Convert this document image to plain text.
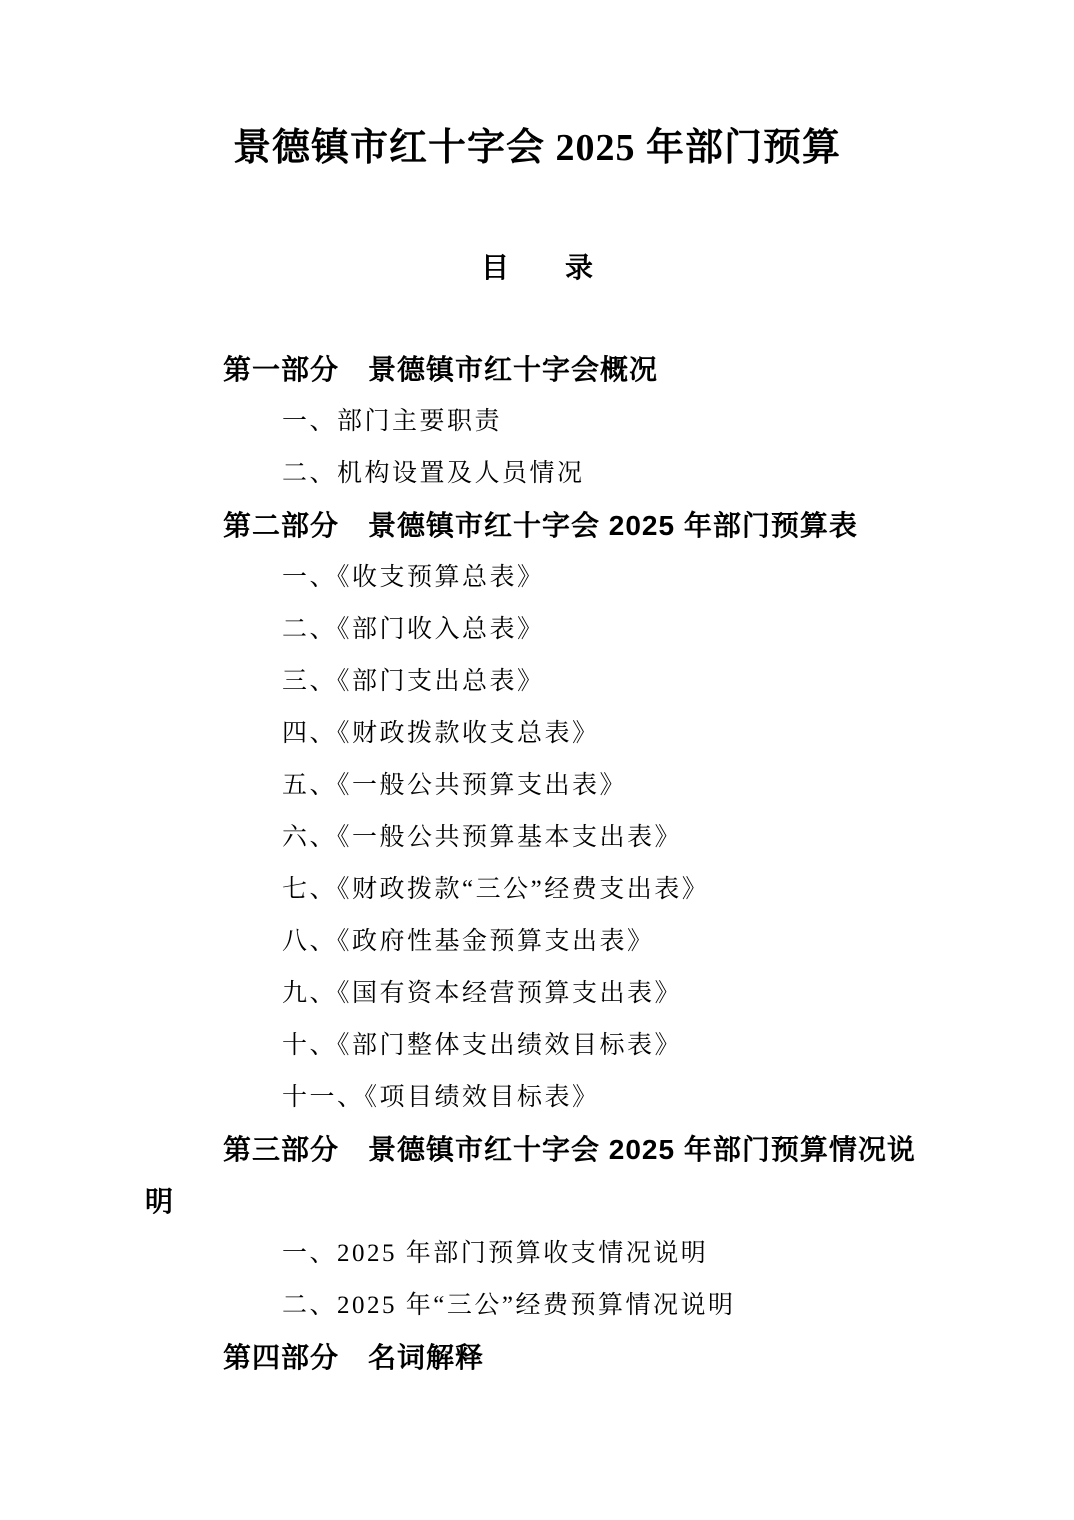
景德镇市红十字会 2025 年部门预算
目　　录
第一部分　景德镇市红十字会概况
一、部门主要职责
二、机构设置及人员情况
第二部分　景德镇市红十字会 2025 年部门预算表
一、《收支预算总表》
二、《部门收入总表》
三、《部门支出总表》
四、《财政拨款收支总表》
五、《一般公共预算支出表》
六、《一般公共预算基本支出表》
七、《财政拨款“三公”经费支出表》
八、《政府性基金预算支出表》
九、《国有资本经营预算支出表》
十、《部门整体支出绩效目标表》
十一、《项目绩效目标表》
第三部分　景德镇市红十字会 2025 年部门预算情况说明
一、2025 年部门预算收支情况说明
二、2025 年“三公”经费预算情况说明
第四部分　名词解释
